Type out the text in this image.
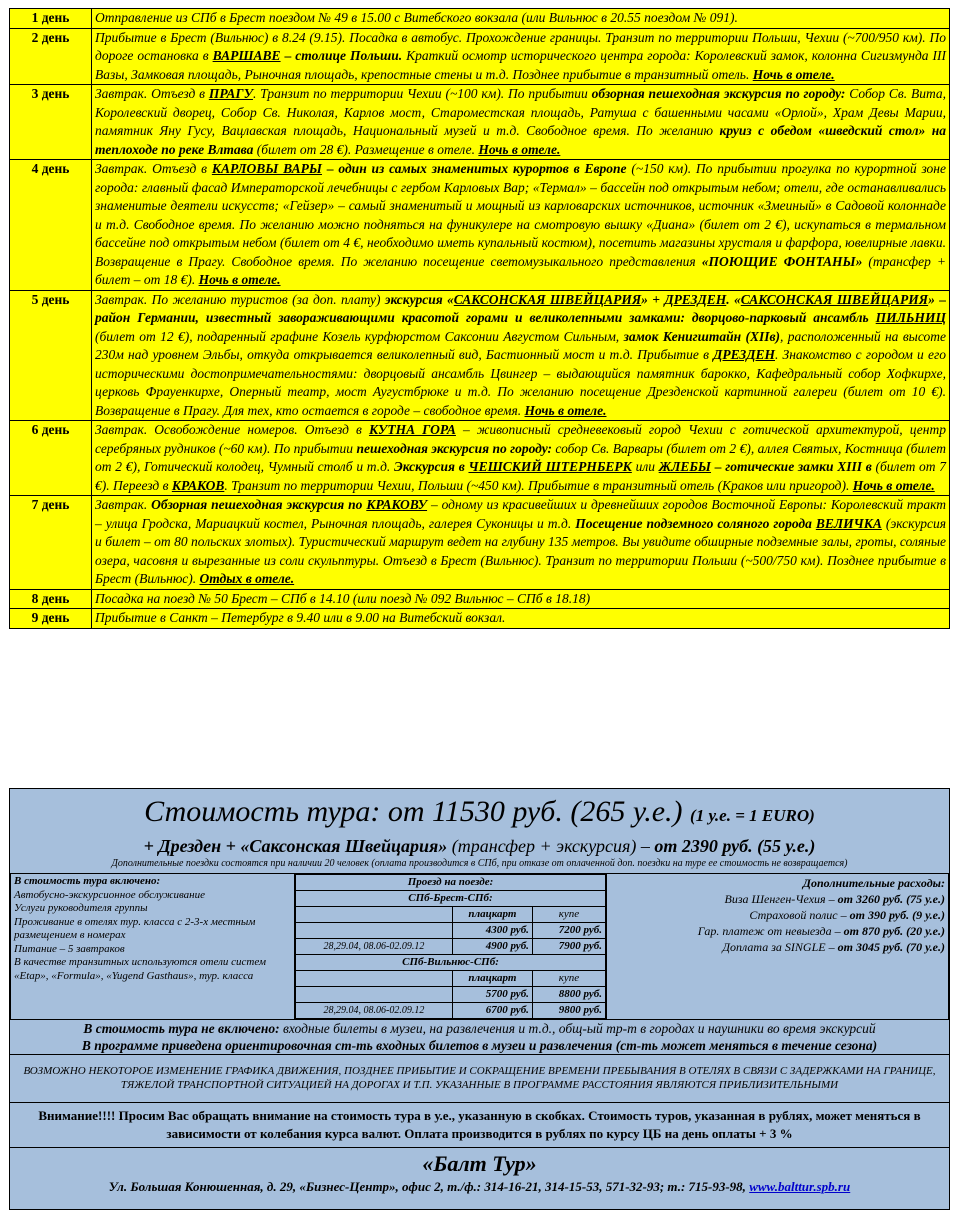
1 день	Отправление из СПб в Брест поездом № 49 в 15.00 с Витебского вокзала (или Вильнюс в 20.55 поездом № 091).
2 день	Прибытие в Брест (Вильнюс) в 8.24 (9.15). Посадка в автобус. Прохождение границы. Транзит по территории Польши, Чехии (~700/950 км). По дороге остановка в ВАРШАВЕ – столице Польши. Краткий осмотр исторического центра города: Королевский замок, колонна Сигизмунда III Вазы, Замковая площадь, Рыночная площадь, крепостные стены и т.д. Позднее прибытие в транзитный отель. Ночь в отеле.
3 день	Завтрак. Отъезд в ПРАГУ. Транзит по территории Чехии (~100 км). По прибытии обзорная пешеходная экскурсия по городу: Собор Св. Вита, Королевский дворец, Собор Св. Николая, Карлов мост, Староместская площадь, Ратуша с башенными часами «Орлой», Храм Девы Марии, памятник Яну Гусу, Вацлавская площадь, Национальный музей и т.д. Свободное время. По желанию круиз с обедом «шведский стол» на теплоходе по реке Влтава (билет от 28 €). Размещение в отеле. Ночь в отеле.
4 день	Завтрак. Отъезд в КАРЛОВЫ ВАРЫ – один из самых знаменитых курортов в Европе (~150 км). По прибытии прогулка по курортной зоне города: главный фасад Императорской лечебницы с гербом Карловых Вар; «Термал» – бассейн под открытым небом; отели, где останавливались знаменитые деятели искусств; «Гейзер» – самый знаменитый и мощный из карловарских источников, источник «Змеиный» в Садовой колоннаде и т.д. Свободное время. По желанию можно подняться на фуникулере на смотровую вышку «Диана» (билет от 2 €), искупаться в термальном бассейне под открытым небом (билет от 4 €, необходимо иметь купальный костюм), посетить магазины хрусталя и фарфора, ювелирные лавки. Возвращение в Прагу. Свободное время. По желанию посещение светомузыкального представления «ПОЮЩИЕ ФОНТАНЫ» (трансфер + билет – от 18 €). Ночь в отеле.
5 день	Завтрак. По желанию туристов (за доп. плату) экскурсия «САКСОНСКАЯ ШВЕЙЦАРИЯ» + ДРЕЗДЕН. «САКСОНСКАЯ ШВЕЙЦАРИЯ» – район Германии, известный завораживающими красотой горами и великолепными замками: дворцово-парковый ансамбль ПИЛЬНИЦ (билет от 12 €), подаренный графине Козель курфюрстом Саксонии Августом Сильным, замок Кенигштайн (XIIв), расположенный на высоте 230м над уровнем Эльбы, откуда открывается великолепный вид, Бастионный мост и т.д. Прибытие в ДРЕЗДЕН. Знакомство с городом и его историческими достопримечательностями: дворцовый ансамбль Цвингер – выдающийся памятник барокко, Кафедральный собор Хофкирхе, церковь Фрауенкирхе, Оперный театр, мост Аугустбрюке и т.д. По желанию посещение Дрезденской картинной галереи (билет от 10 €). Возвращение в Прагу. Для тех, кто остается в городе – свободное время. Ночь в отеле.
6 день	Завтрак. Освобождение номеров. Отъезд в КУТНА ГОРА – живописный средневековый город Чехии с готической архитектурой, центр серебряных рудников (~60 км). По прибытии пешеходная экскурсия по городу: собор Св. Варвары (билет от 2 €), аллея Святых, Костница (билет от 2 €), Готический колодец, Чумный столб и т.д. Экскурсия в ЧЕШСКИЙ ШТЕРНБЕРК или ЖЛЕБЫ – готические замки XIII в (билет от 7 €). Переезд в КРАКОВ. Транзит по территории Чехии, Польши (~450 км). Прибытие в транзитный отель (Краков или пригород). Ночь в отеле.
7 день	Завтрак. Обзорная пешеходная экскурсия по КРАКОВУ – одному из красивейших и древнейших городов Восточной Европы: Королевский тракт – улица Гродска, Мариацкий костел, Рыночная площадь, галерея Суконицы и т.д. Посещение подземного соляного города ВЕЛИЧКА (экскурсия и билет – от 80 польских злотых). Туристический маршрут ведет на глубину 135 метров. Вы увидите обширные подземные залы, гроты, соляные озера, часовня и вырезанные из соли скульптуры. Отъезд в Брест (Вильнюс). Транзит по территории Польши (~500/750 км). Позднее прибытие в Брест (Вильнюс). Отдых в отеле.
8 день	Посадка на поезд № 50 Брест – СПб в 14.10 (или поезд № 092 Вильнюс – СПб в 18.18)
9 день	Прибытие в Санкт – Петербург в 9.40 или в 9.00 на Витебский вокзал.
Стоимость тура: от 11530 руб. (265 у.е.) (1 у.е. = 1 EURO)
+ Дрезден + «Саксонская Швейцария» (трансфер + экскурсия) – от 2390 руб. (55 у.е.)
Дополнительные поездки состоятся при наличии 20 человек (оплата производится в СПб, при отказе от оплаченной доп. поездки на туре ее стоимость не возвращается)
В стоимость тура включено:
Автобусно-экскурсионное обслуживание
Услуги руководителя группы
Проживание в отелях тур. класса с 2-3-х местным размещением в номерах
Питание – 5 завтраков
В качестве транзитных используются отели систем «Etap», «Formula», «Yugend Gasthaus», тур. класса

Проезд на поезде:
СПб-Брест-СПб:
	плацкарт	купе
	4300 руб.	7200 руб.
28,29.04, 08.06-02.09.12	4900 руб.	7900 руб.
СПб-Вильнюс-СПб:
	плацкарт	купе
	5700 руб.	8800 руб.
28,29.04, 08.06-02.09.12	6700 руб.	9800 руб.

Дополнительные расходы:
Виза Шенген-Чехия – от 3260 руб. (75 у.е.)
Страховой полис – от 390 руб. (9 у.е.)
Гар. платеж от невыезда – от 870 руб. (20 у.е.)
Доплата за SINGLE – от 3045 руб. (70 у.е.)
В стоимость тура не включено: входные билеты в музеи, на развлечения и т.д., общ-ый тр-т в городах и наушники во время экскурсий
В программе приведена ориентировочная ст-ть входных билетов в музеи и развлечения (ст-ть может меняться в течение сезона)
ВОЗМОЖНО НЕКОТОРОЕ ИЗМЕНЕНИЕ ГРАФИКА ДВИЖЕНИЯ, ПОЗДНЕЕ ПРИБЫТИЕ И СОКРАЩЕНИЕ ВРЕМЕНИ ПРЕБЫВАНИЯ В ОТЕЛЯХ В СВЯЗИ С ЗАДЕРЖКАМИ НА ГРАНИЦЕ, ТЯЖЕЛОЙ ТРАНСПОРТНОЙ СИТУАЦИЕЙ НА ДОРОГАХ И Т.П. УКАЗАННЫЕ В ПРОГРАММЕ РАССТОЯНИЯ ЯВЛЯЮТСЯ ПРИБЛИЗИТЕЛЬНЫМИ
Внимание!!!! Просим Вас обращать внимание на стоимость тура в у.е., указанную в скобках. Стоимость туров, указанная в рублях, может меняться в зависимости от колебания курса валют. Оплата производится в рублях по курсу ЦБ на день оплаты + 3 %
«Балт Тур»
Ул. Большая Конюшенная, д. 29, «Бизнес-Центр», офис 2, т./ф.: 314-16-21, 314-15-53, 571-32-93; т.: 715-93-98, www.balttur.spb.ru
